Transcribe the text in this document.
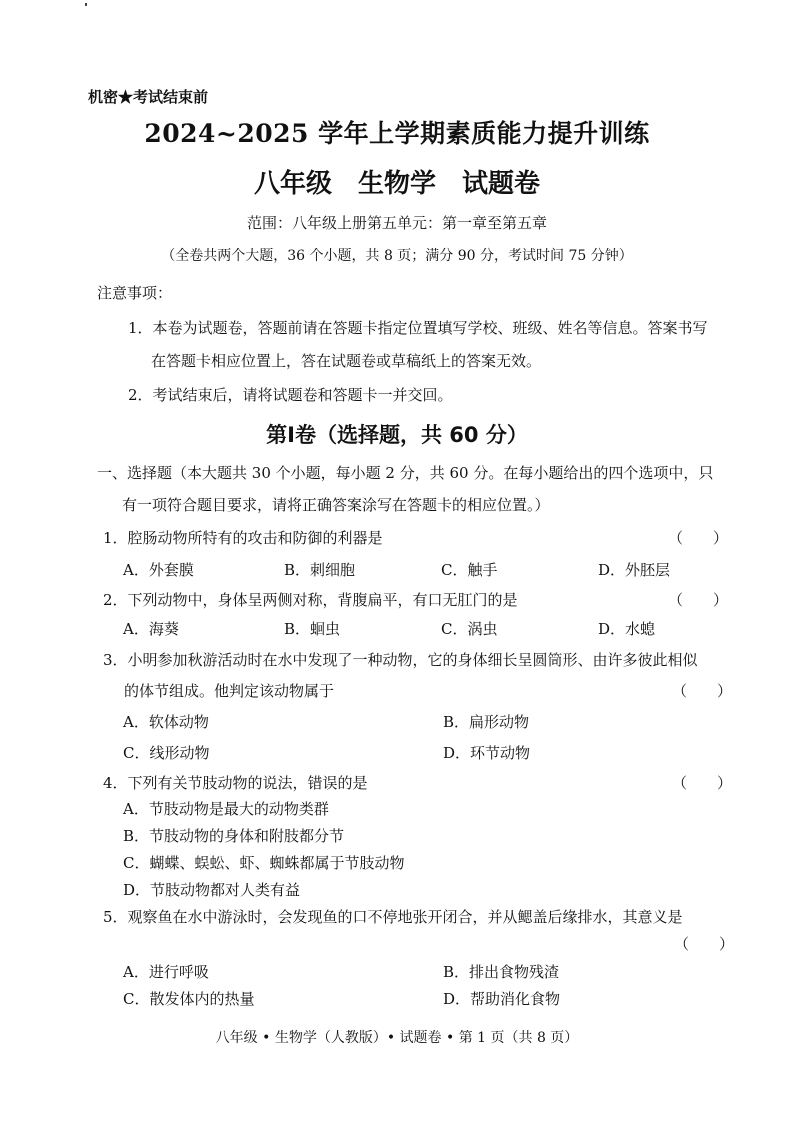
机密★考试结束前
2024~2025 学年上学期素质能力提升训练
八年级　生物学　试题卷
范围：八年级上册第五单元：第一章至第五章
（全卷共两个大题，36 个小题，共 8 页；满分 90 分，考试时间 75 分钟）
注意事项：
1．本卷为试题卷，答题前请在答题卡指定位置填写学校、班级、姓名等信息。答案书写
在答题卡相应位置上，答在试题卷或草稿纸上的答案无效。
2．考试结束后，请将试题卷和答题卡一并交回。
第Ⅰ卷（选择题，共 60 分）
一、选择题（本大题共 30 个小题，每小题 2 分，共 60 分。在每小题给出的四个选项中，只
有一项符合题目要求，请将正确答案涂写在答题卡的相应位置。）
1．腔肠动物所特有的攻击和防御的利器是	（　　）
A．外套膜	B．刺细胞	C．触手	D．外胚层
2．下列动物中，身体呈两侧对称，背腹扁平，有口无肛门的是	（　　）
A．海葵	B．蛔虫	C．涡虫	D．水螅
3．小明参加秋游活动时在水中发现了一种动物，它的身体细长呈圆筒形、由许多彼此相似
的体节组成。他判定该动物属于	（　　）
A．软体动物	B．扁形动物
C．线形动物	D．环节动物
4．下列有关节肢动物的说法，错误的是	（　　）
A．节肢动物是最大的动物类群
B．节肢动物的身体和附肢都分节
C．蝴蝶、蜈蚣、虾、蜘蛛都属于节肢动物
D．节肢动物都对人类有益
5．观察鱼在水中游泳时，会发现鱼的口不停地张开闭合，并从鳃盖后缘排水，其意义是
（　　）
A．进行呼吸	B．排出食物残渣
C．散发体内的热量	D．帮助消化食物
八年级 • 生物学（人教版）• 试题卷 • 第 1 页（共 8 页）
